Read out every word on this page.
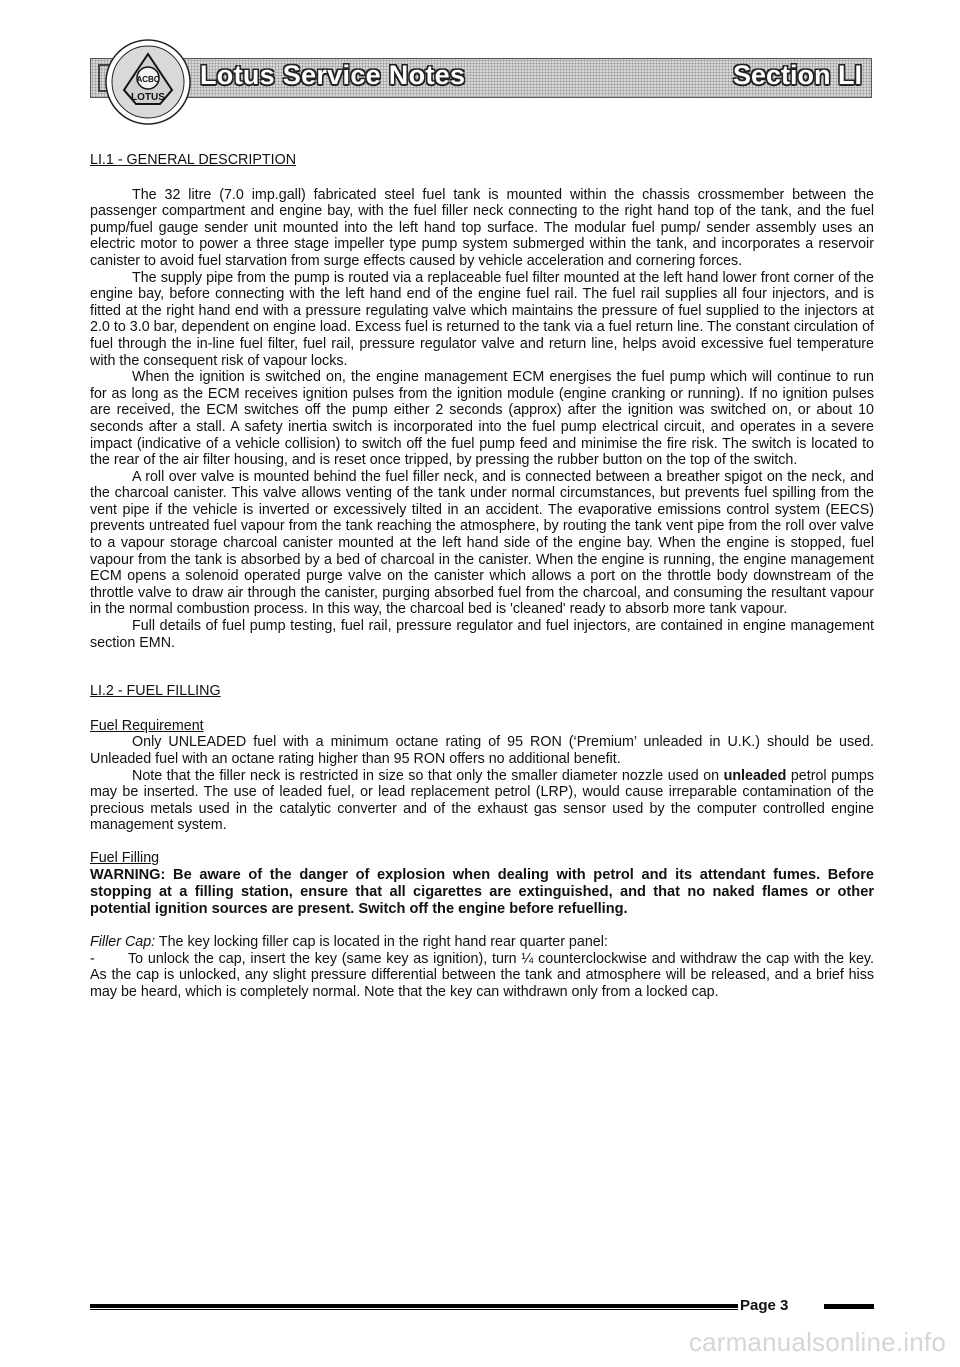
ACBC
LOTUS
Lotus Service Notes	Section LI
LI.1 - GENERAL DESCRIPTION

The 32 litre (7.0 imp.gall) fabricated steel fuel tank is mounted within the chassis crossmember between the passenger compartment and engine bay, with the fuel filler neck connecting to the right hand top of the tank, and the fuel pump/fuel gauge sender unit mounted into the left hand top surface. The modular fuel pump/ sender assembly uses an electric motor to power a three stage impeller type pump system submerged within the tank, and incorporates a reservoir canister to avoid fuel starvation from surge effects caused by vehicle acceleration and cornering forces.

The supply pipe from the pump is routed via a replaceable fuel filter mounted at the left hand lower front corner of the engine bay, before connecting with the left hand end of the engine fuel rail. The fuel rail supplies all four injectors, and is fitted at the right hand end with a pressure regulating valve which maintains the pressure of fuel supplied to the injectors at 2.0 to 3.0 bar, dependent on engine load. Excess fuel is returned to the tank via a fuel return line. The constant circulation of fuel through the in-line fuel filter, fuel rail, pressure regulator valve and return line, helps avoid excessive fuel temperature with the consequent risk of vapour locks.

When the ignition is switched on, the engine management ECM energises the fuel pump which will continue to run for as long as the ECM receives ignition pulses from the ignition module (engine cranking or running). If no ignition pulses are received, the ECM switches off the pump either 2 seconds (approx) after the ignition was switched on, or about 10 seconds after a stall. A safety inertia switch is incorporated into the fuel pump electrical circuit, and operates in a severe impact (indicative of a vehicle collision) to switch off the fuel pump feed and minimise the fire risk. The switch is located to the rear of the air filter housing, and is reset once tripped, by pressing the rubber button on the top of the switch.

A roll over valve is mounted behind the fuel filler neck, and is connected between a breather spigot on the neck, and the charcoal canister. This valve allows venting of the tank under normal circumstances, but prevents fuel spilling from the vent pipe if the vehicle is inverted or excessively tilted in an accident. The evaporative emissions control system (EECS) prevents untreated fuel vapour from the tank reaching the atmosphere, by routing the tank vent pipe from the roll over valve to a vapour storage charcoal canister mounted at the left hand side of the engine bay. When the engine is stopped, fuel vapour from the tank is absorbed by a bed of charcoal in the canister. When the engine is running, the engine management ECM opens a solenoid operated purge valve on the canister which allows a port on the throttle body downstream of the throttle valve to draw air through the canister, purging absorbed fuel from the charcoal, and consuming the resultant vapour in the normal combustion process. In this way, the charcoal bed is 'cleaned' ready to absorb more tank vapour.

Full details of fuel pump testing, fuel rail, pressure regulator and fuel injectors, are contained in engine management section EMN.

LI.2 - FUEL FILLING
Fuel Requirement

Only UNLEADED fuel with a minimum octane rating of 95 RON (‘Premium’ unleaded in U.K.) should be used. Unleaded fuel with an octane rating higher than 95 RON offers no additional benefit.

Note that the filler neck is restricted in size so that only the smaller diameter nozzle used on unleaded petrol pumps may be inserted. The use of leaded fuel, or lead replacement petrol (LRP), would cause irreparable contamination of the precious metals used in the catalytic converter and of the exhaust gas sensor used by the computer controlled engine management system.

Fuel Filling
WARNING: Be aware of the danger of explosion when dealing with petrol and its attendant fumes. Before stopping at a filling station, ensure that all cigarettes are extinguished, and that no naked flames or other potential ignition sources are present. Switch off the engine before refuelling.

Filler Cap: The key locking filler cap is located in the right hand rear quarter panel:

- To unlock the cap, insert the key (same key as ignition), turn ¼ counterclockwise and withdraw the cap with the key. As the cap is unlocked, any slight pressure differential between the tank and atmosphere will be released, and a brief hiss may be heard, which is completely normal. Note that the key can withdrawn only from a locked cap.

Page 3
carmanualsonline.info
